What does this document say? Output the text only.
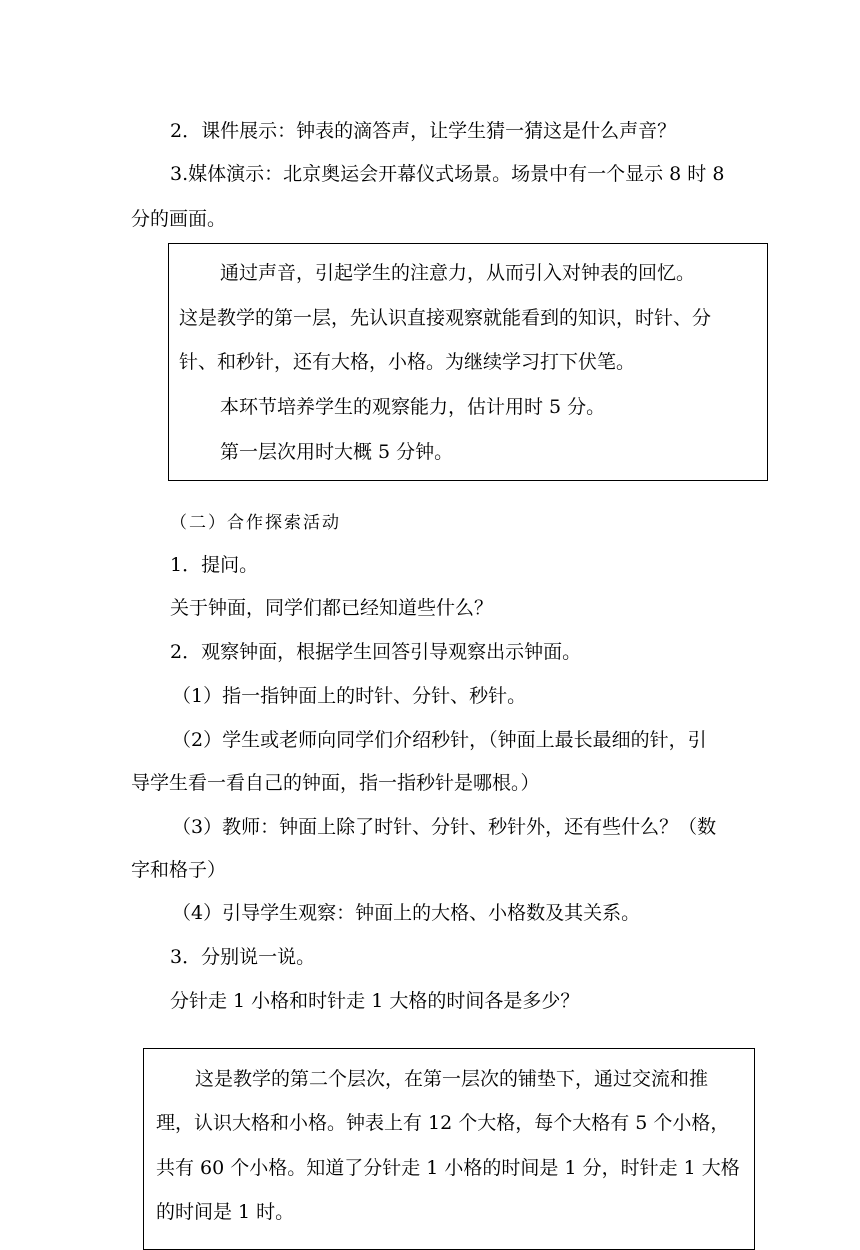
2．课件展示：钟表的滴答声，让学生猜一猜这是什么声音？
3.媒体演示：北京奥运会开幕仪式场景。场景中有一个显示 8 时 8
分的画面。
通过声音，引起学生的注意力，从而引入对钟表的回忆。
这是教学的第一层，先认识直接观察就能看到的知识，时针、分
针、和秒针，还有大格，小格。为继续学习打下伏笔。
本环节培养学生的观察能力，估计用时 5 分。
第一层次用时大概 5 分钟。
（二）合作探索活动
1．提问。
关于钟面，同学们都已经知道些什么？
2．观察钟面，根据学生回答引导观察出示钟面。
（1）指一指钟面上的时针、分针、秒针。
（2）学生或老师向同学们介绍秒针，（钟面上最长最细的针，引
导学生看一看自己的钟面，指一指秒针是哪根。）
（3）教师：钟面上除了时针、分针、秒针外，还有些什么？（数
字和格子）
（4）引导学生观察：钟面上的大格、小格数及其关系。
3．分别说一说。
分针走 1 小格和时针走 1 大格的时间各是多少？
这是教学的第二个层次，在第一层次的铺垫下，通过交流和推
理，认识大格和小格。钟表上有 12 个大格，每个大格有 5 个小格，
共有 60 个小格。知道了分针走 1 小格的时间是 1 分，时针走 1 大格
的时间是 1 时。
